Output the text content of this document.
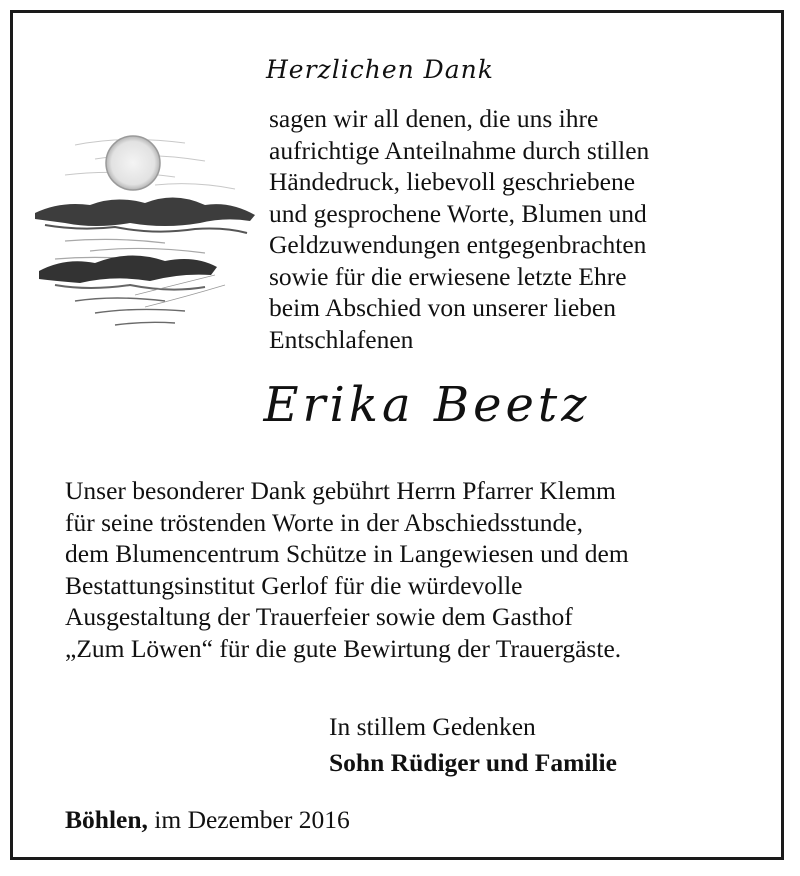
Herzlichen Dank

sagen wir all denen, die uns ihre
aufrichtige Anteilnahme durch stillen
Händedruck, liebevoll geschriebene
und gesprochene Worte, Blumen und
Geldzuwendungen entgegenbrachten
sowie für die erwiesene letzte Ehre
beim Abschied von unserer lieben
Entschlafenen

Erika Beetz

Unser besonderer Dank gebührt Herrn Pfarrer Klemm
für seine tröstenden Worte in der Abschiedsstunde,
dem Blumencentrum Schütze in Langewiesen und dem
Bestattungsinstitut Gerlof für die würdevolle
Ausgestaltung der Trauerfeier sowie dem Gasthof
„Zum Löwen“ für die gute Bewirtung der Trauergäste.

In stillem Gedenken
Sohn Rüdiger und Familie
Böhlen, im Dezember 2016
